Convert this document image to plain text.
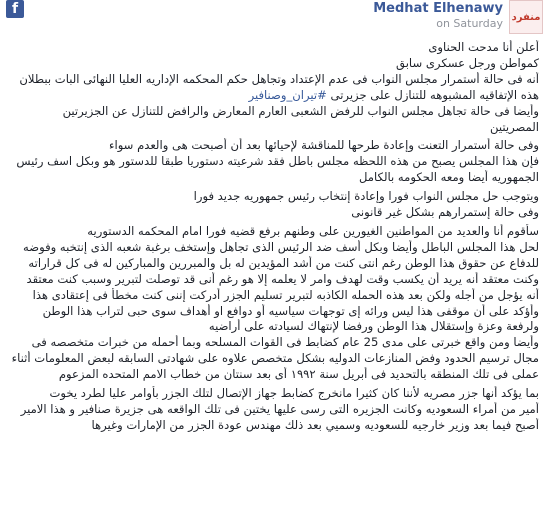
f	منفرد
Medhat Elhenawy
on Saturday
أعلن أنا مدحت الحناوى
كمواطن ورجل عسكرى سابق
أنه فى حالة أستمرار مجلس النواب فى عدم الإعتداد وتجاهل حكم المحكمه الإداريه العليا النهائى البات ببطلان
هذه الإتفاقيه المشبوهه للتنازل على جزيرتى #تيران_وصنافير
وأيضا فى حالة تجاهل مجلس النواب للرفض الشعبى العارم المعارض والرافض للتنازل عن الجزيرتين
المصريتين
وفى حالة أستمرار التعنت وإعادة طرحها للمناقشة لإحيائها بعد أن أصبحت هى والعدم سواء
فإن هذا المجلس يصبح من هذه اللحظه مجلس باطل فقد شرعيته دستوريا طبقا للدستور هو وبكل اسف رئيس
الجمهوريه أيضا ومعه الحكومه بالكامل
ويتوجب حل مجلس النواب فورا وإعادة إنتخاب رئيس جمهوريه جديد فورا
وفى حالة إستمرارهم بشكل غير قانونى
سأقوم أنا والعديد من المواطنين الغيورين على وطنهم برفع قضيه فورا امام المحكمه الدستوريه
لحل هذا المجلس الباطل وأيضا وبكل أسف ضد الرئيس الذى تجاهل وإستخف برغبة شعبه الذى إنتخبه وفوضه
للدفاع عن حقوق هذا الوطن رغم انتى كنت من أشد المؤيدين له بل والمبررين والمباركين له فى كل قراراته
وكنت معتقد أنه يريد أن يكسب وقت لهدف وامر لا يعلمه إلا هو رغم أنى قد توصلت لتبرير وسبب كنت معتقد
أنه يؤجل من أجله ولكن بعد هذه الحمله الكاذبه لتبرير تسليم الجزر أدركت إننى كنت مخطأ فى إعتقادى هذا
وأؤكد على أن موقفى هذا ليس ورائه إى توجهات سياسيه أو دوافع او أهداف سوى حبى لتراب هذا الوطن
ولرفعة وعزة وإستقلال هذا الوطن ورفضا لإنتهاك لسيادته على أراضيه
وأيضا ومن واقع خبرتى على مدى 25 عام كضابط فى القوات المسلحه وبما أحمله من خبرات متخصصه فى
مجال ترسيم الحدود وفض المنازعات الدوليه بشكل متخصص علاوه على شهادتى السابقه لبعض المعلومات أثناء
عملى فى تلك المنطقه بالتحديد فى أبريل سنة ١٩٩٢ أى بعد سنتان من خطاب الامم المتحده المزعوم
بما يؤكد أنها جزر مصريه لأننا كان كثيرا مانخرج كضابط جهاز الإتصال لتلك الجزر بأوامر عليا لطرد يخوت
أمير من أمراء السعوديه وكانت الجزيره التى رسى عليها يختين فى تلك الواقعه هى جزيرة صنافير و هذا الامير
أصبح فيما بعد وزير خارجيه للسعوديه وسميي بعد ذلك مهندس عودة الجزر من الإمارات وغيرها
